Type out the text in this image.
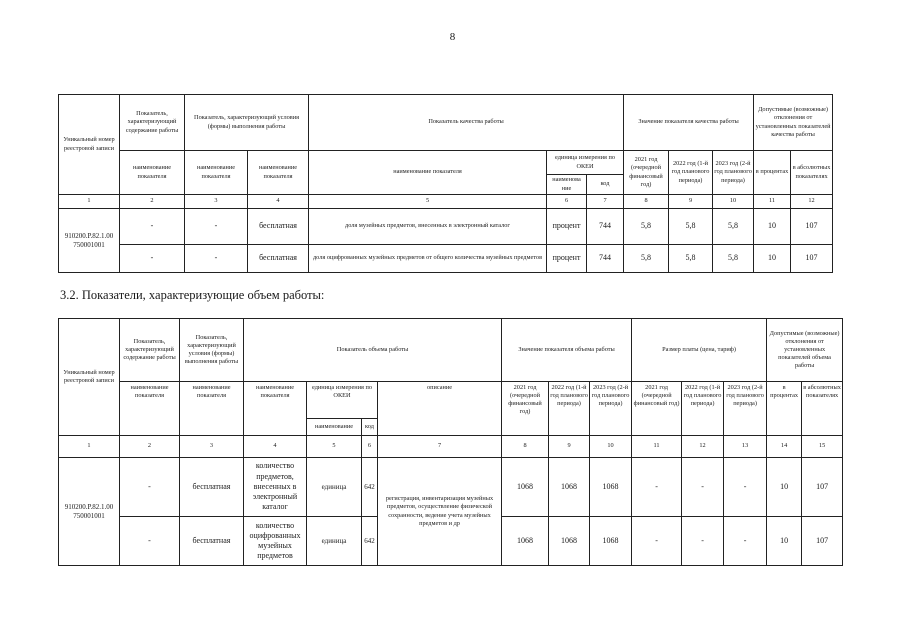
8
Уникальный номер реестровой записи	Показатель, характеризующий содержание работы	Показатель, характеризующий условия (формы) выполнения работы		Показатель качества работы			Значение показателя качества работы			Допустимые (возможные) отклонения от установленных показателей качества работы	
	наименование показателя	наименование показателя	наименование показателя	наименование показателя	единица измерения по ОКЕИ		2021 год (очередной финансовый год)	2022 год (1-й год планового периода)	2023 год (2-й год планового периода)	в процентах	в абсолютных показателях
					наименова ние	код					
1	2	3	4	5	6	7	8	9	10	11	12
910200.Р.82.1.00 750001001	-	-	бесплатная	доля музейных предметов, внесенных в электронный каталог	процент	744	5,8	5,8	5,8	10	107
	-	-	бесплатная	доля оцифрованных музейных предметов от общего количества музейных предметов	процент	744	5,8	5,8	5,8	10	107
3.2. Показатели, характеризующие объем работы:
Уникальный номер реестровой записи	Показатель, характеризующий содержание работы	Показатель, характеризующий условия (формы) выполнения работы	Показатель объема работы				Значение показателя объема работы			Размер платы (цена, тариф)			Допустимые (возможные) отклонения от установленных показателей объема работы	
	наименование показателя	наименование показателя	наименование показателя	единица измерения по ОКЕИ		описание	2021 год (очередной финансовый год)	2022 год (1-й год планового периода)	2023 год (2-й год планового периода)	2021 год (очередной финансовый год)	2022 год (1-й год планового периода)	2023 год (2-й год планового периода)	в процентах	в абсолютных показателях
				наименование	код									
1	2	3	4	5	6	7	8	9	10	11	12	13	14	15
910200.Р.82.1.00 750001001	-	бесплатная	количество предметов, внесенных в электронный каталог	единица	642	регистрация, инвентаризация музейных предметов, осуществление физической сохранности, ведение учета музейных предметов и др	1068	1068	1068	-	-	-	10	107
	-	бесплатная	количество оцифрованных музейных предметов	единица	642		1068	1068	1068	-	-	-	10	107
